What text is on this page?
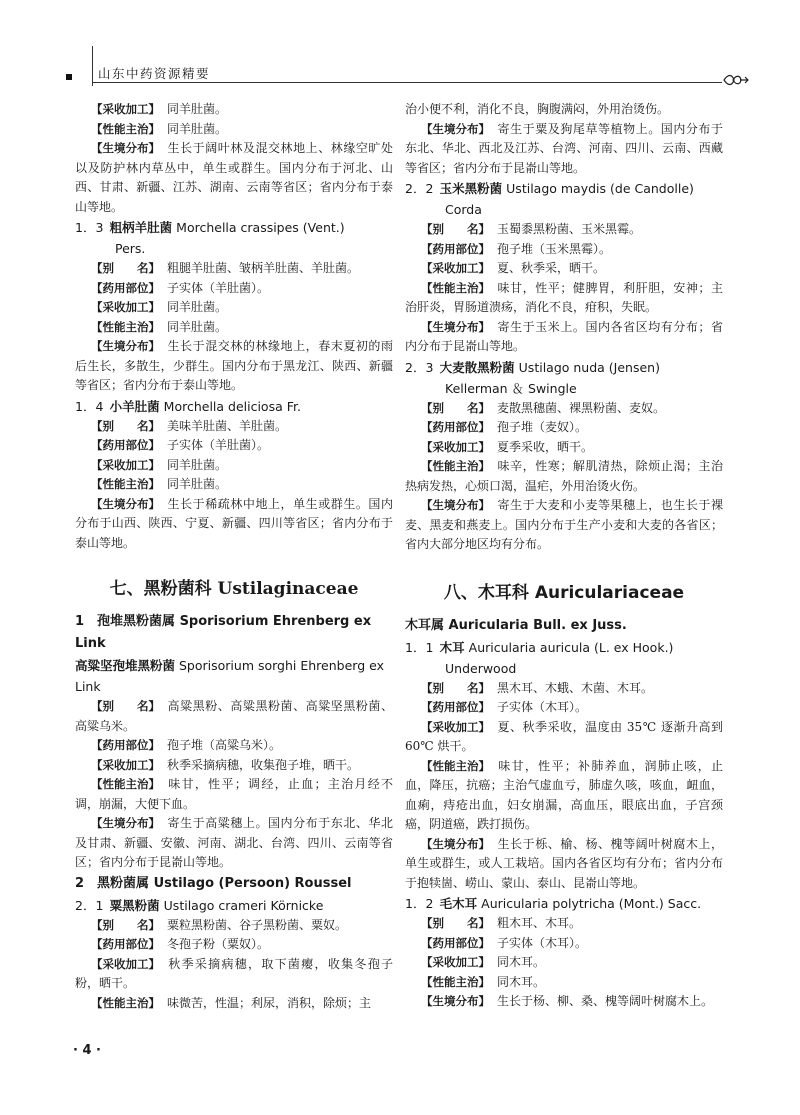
山东中药资源精要

【采收加工】 同羊肚菌。

【性能主治】 同羊肚菌。

【生境分布】 生长于阔叶林及混交林地上、林缘空旷处以及防护林内草丛中，单生或群生。国内分布于河北、山西、甘肃、新疆、江苏、湖南、云南等省区；省内分布于泰山等地。

1．3  粗柄羊肚菌 Morchella crassipes (Vent.)

Pers.

【别　　名】 粗腿羊肚菌、皱柄羊肚菌、羊肚菌。

【药用部位】 子实体（羊肚菌）。

【采收加工】 同羊肚菌。

【性能主治】 同羊肚菌。

【生境分布】 生长于混交林的林缘地上，春末夏初的雨后生长，多散生，少群生。国内分布于黑龙江、陕西、新疆等省区；省内分布于泰山等地。

1．4  小羊肚菌 Morchella deliciosa Fr.

【别　　名】 美味羊肚菌、羊肚菌。

【药用部位】 子实体（羊肚菌）。

【采收加工】 同羊肚菌。

【性能主治】 同羊肚菌。

【生境分布】 生长于稀疏林中地上，单生或群生。国内分布于山西、陕西、宁夏、新疆、四川等省区；省内分布于泰山等地。

七、黑粉菌科 Ustilaginaceae

1　孢堆黑粉菌属 Sporisorium Ehrenberg ex Link

高粱坚孢堆黑粉菌 Sporisorium sorghi Ehrenberg ex Link

【别　　名】 高粱黑粉、高粱黑粉菌、高粱坚黑粉菌、高粱乌米。

【药用部位】 孢子堆（高粱乌米）。

【采收加工】 秋季采摘病穗，收集孢子堆，晒干。

【性能主治】 味甘，性平；调经，止血；主治月经不调，崩漏，大便下血。

【生境分布】 寄生于高粱穗上。国内分布于东北、华北及甘肃、新疆、安徽、河南、湖北、台湾、四川、云南等省区；省内分布于昆嵛山等地。

2　黑粉菌属 Ustilago (Persoon) Roussel

2．1  粟黑粉菌 Ustilago crameri Körnicke

【别　　名】 粟粒黑粉菌、谷子黑粉菌、粟奴。

【药用部位】 冬孢子粉（粟奴）。

【采收加工】 秋季采摘病穗，取下菌瘿，收集冬孢子粉，晒干。

【性能主治】 味微苦，性温；利尿，消积，除烦；主

治小便不利，消化不良，胸腹满闷，外用治烫伤。

【生境分布】 寄生于粟及狗尾草等植物上。国内分布于东北、华北、西北及江苏、台湾、河南、四川、云南、西藏等省区；省内分布于昆嵛山等地。

2．2  玉米黑粉菌 Ustilago maydis (de Candolle)

Corda

【别　　名】 玉蜀黍黑粉菌、玉米黑霉。

【药用部位】 孢子堆（玉米黑霉）。

【采收加工】 夏、秋季采，晒干。

【性能主治】 味甘，性平；健脾胃，利肝胆，安神；主治肝炎，胃肠道溃疡，消化不良，疳积，失眠。

【生境分布】 寄生于玉米上。国内各省区均有分布；省内分布于昆嵛山等地。

2．3  大麦散黑粉菌 Ustilago nuda (Jensen)

Kellerman ＆ Swingle

【别　　名】 麦散黑穗菌、裸黑粉菌、麦奴。

【药用部位】 孢子堆（麦奴）。

【采收加工】 夏季采收，晒干。

【性能主治】 味辛，性寒；解肌清热，除烦止渴；主治热病发热，心烦口渴，温疟，外用治烫火伤。

【生境分布】 寄生于大麦和小麦等果穗上，也生长于裸麦、黑麦和燕麦上。国内分布于生产小麦和大麦的各省区；省内大部分地区均有分布。

八、木耳科 Auriculariaceae

木耳属 Auricularia Bull. ex Juss.

1．1  木耳 Auricularia auricula (L. ex Hook.)

Underwood

【别　　名】 黑木耳、木蛾、木菌、木耳。

【药用部位】 子实体（木耳）。

【采收加工】 夏、秋季采收，温度由 35℃ 逐渐升高到 60℃ 烘干。

【性能主治】 味甘，性平；补肺养血，润肺止咳，止血，降压，抗癌；主治气虚血亏，肺虚久咳，咳血，衄血，血痢，痔疮出血，妇女崩漏，高血压，眼底出血，子宫颈癌，阴道癌，跌打损伤。

【生境分布】 生长于栎、榆、杨、槐等阔叶树腐木上，单生或群生，或人工栽培。国内各省区均有分布；省内分布于抱犊崮、崂山、蒙山、泰山、昆嵛山等地。

1．2  毛木耳 Auricularia polytricha (Mont.) Sacc.

【别　　名】 粗木耳、木耳。

【药用部位】 子实体（木耳）。

【采收加工】 同木耳。

【性能主治】 同木耳。

【生境分布】 生长于杨、柳、桑、槐等阔叶树腐木上。

· 4 ·
